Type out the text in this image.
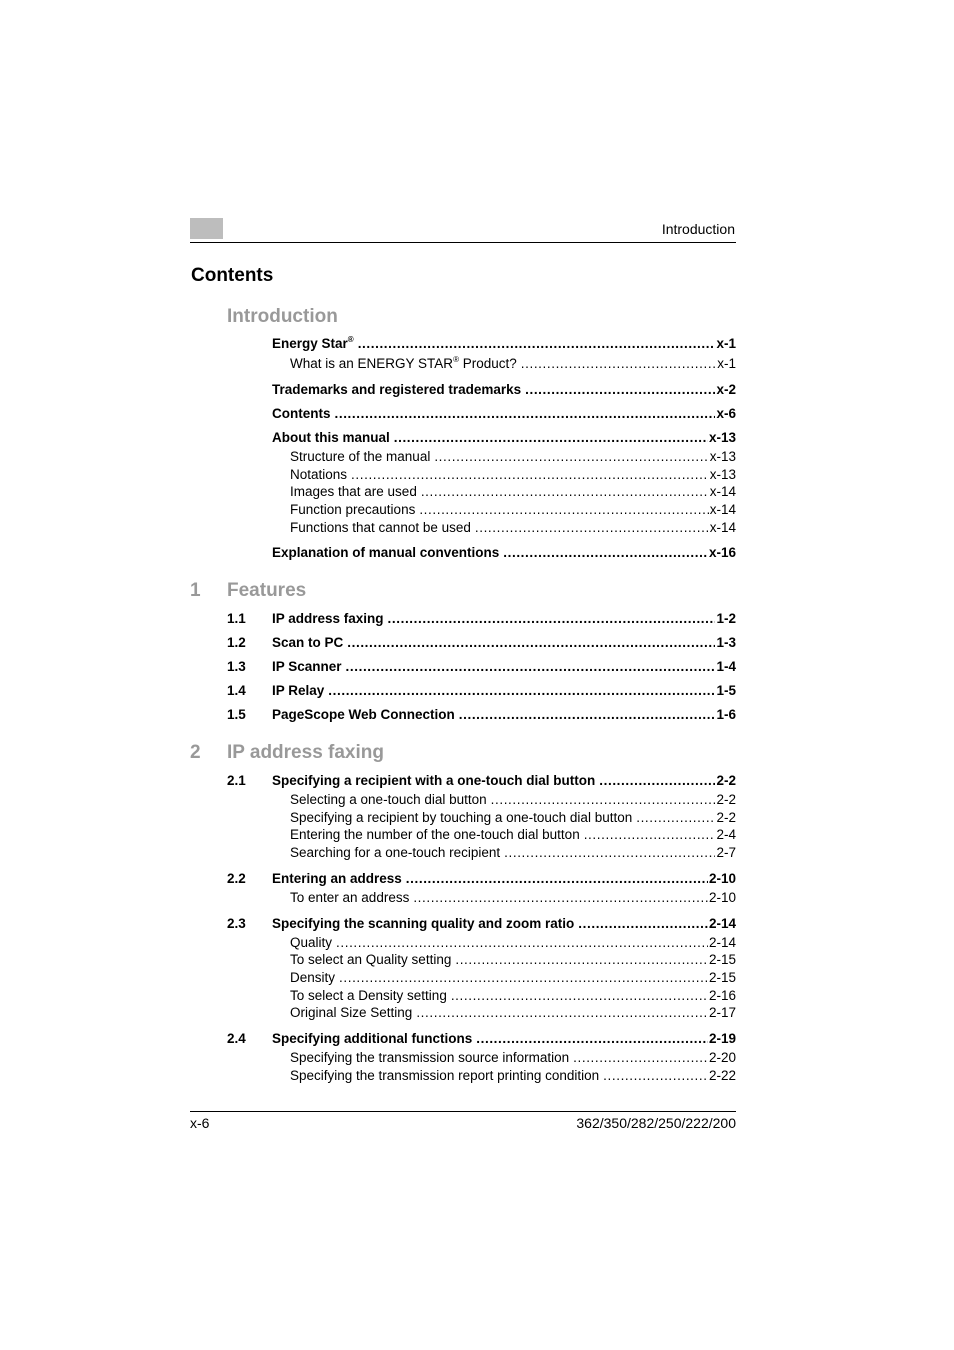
Introduction
Contents
Introduction
1 Features
2 IP address faxing
Energy Star® .....	x-1
What is an ENERGY STAR® Product? .....	x-1
Trademarks and registered trademarks .....	x-2
Contents .....	x-6
About this manual .....	x-13
Structure of the manual .....	x-13
Notations .....	x-13
Images that are used .....	x-14
Function precautions .....	x-14
Functions that cannot be used .....	x-14
Explanation of manual conventions .....	x-16
1.1 IP address faxing .....	1-2
1.2 Scan to PC .....	1-3
1.3 IP Scanner .....	1-4
1.4 IP Relay .....	1-5
1.5 PageScope Web Connection .....	1-6
2.1 Specifying a recipient with a one-touch dial button .....	2-2
Selecting a one-touch dial button .....	2-2
Specifying a recipient by touching a one-touch dial button .....	2-2
Entering the number of the one-touch dial button .....	2-4
Searching for a one-touch recipient .....	2-7
2.2 Entering an address .....	2-10
To enter an address .....	2-10
2.3 Specifying the scanning quality and zoom ratio .....	2-14
Quality .....	2-14
To select an Quality setting .....	2-15
Density .....	2-15
To select a Density setting .....	2-16
Original Size Setting .....	2-17
2.4 Specifying additional functions .....	2-19
Specifying the transmission source information .....	2-20
Specifying the transmission report printing condition .....	2-22
x-6	362/350/282/250/222/200
